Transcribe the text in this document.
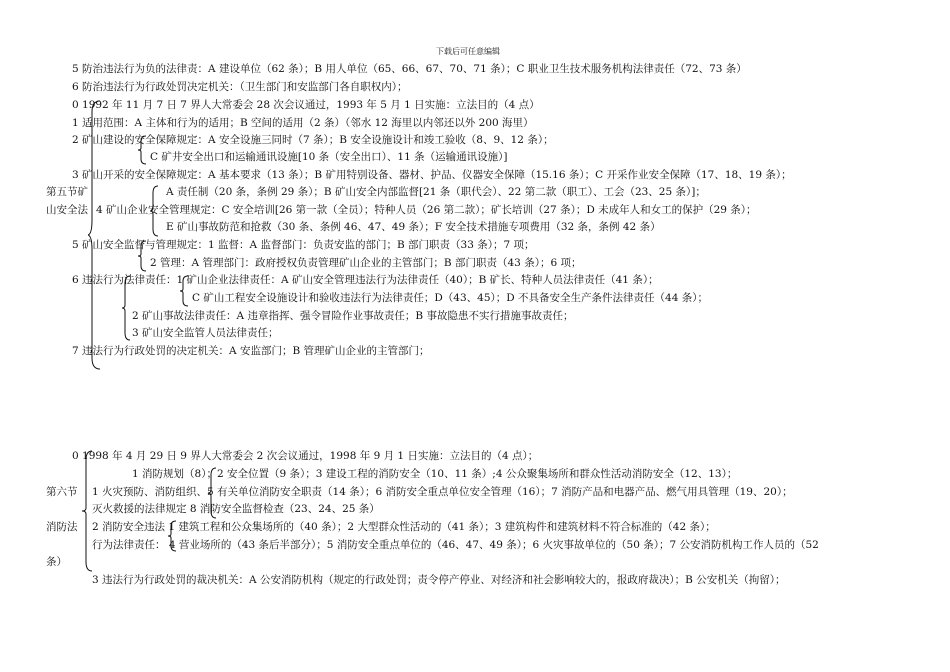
下载后可任意编辑
5 防治违法行为负的法律责：A 建设单位（62 条）；B 用人单位（65、66、67、70、71 条）；C 职业卫生技术服务机构法律责任（72、73 条）
6 防治违法行为行政处罚决定机关：（卫生部门和安监部门各自职权内）；
0 1992 年 11 月 7 日 7 界人大常委会 28 次会议通过，1993 年 5 月 1 日实施：立法目的（4 点）
1 适用范围：A 主体和行为的适用；B 空间的适用（2 条）（邻水 12 海里以内邻还以外 200 海里）
2 矿山建设的安全保障规定：A 安全设施三同时（7 条）；B 安全设施设计和竣工验收（8、9、12 条）；
C 矿井安全出口和运输通讯设施[10 条（安全出口）、11 条（运输通讯设施）]
3 矿山开采的安全保障规定：A 基本要求（13 条）；B 矿用特别设备、器材、护品、仪器安全保障（15.16 条）；C 开采作业安全保障（17、18、19 条）；
第五节矿	A 责任制（20 条，条例 29 条）；B 矿山安全内部监督[21 条（职代会）、22 第二款（职工）、工会（23、25 条）]；
山安全法 4 矿山企业安全管理规定：C 安全培训[26 第一款（全员）；特种人员（26 第二款）；矿长培训（27 条）；D 未成年人和女工的保护（29 条）；
E 矿山事故防范和抢救（30 条、条例 46、47、49 条）；F 安全技术措施专项费用（32 条，条例 42 条）
5 矿山安全监督与管理规定：1 监督：A 监督部门：负责安监的部门；B 部门职责（33 条）；7 项；
2 管理：A 管理部门：政府授权负责管理矿山企业的主管部门；B 部门职责（43 条）；6 项；
6 违法行为法律责任：1 矿山企业法律责任：A 矿山安全管理违法行为法律责任（40）；B 矿长、特种人员法律责任（41 条）；
C 矿山工程安全设施设计和验收违法行为法律责任；D（43、45）；D 不具备安全生产条件法律责任（44 条）；
2 矿山事故法律责任：A 违章指挥、强令冒险作业事故责任；B 事故隐患不实行措施事故责任；
3 矿山安全监管人员法律责任；
7 违法行为行政处罚的决定机关：A 安监部门；B 管理矿山企业的主管部门；
0 1998 年 4 月 29 日 9 界人大常委会 2 次会议通过，1998 年 9 月 1 日实施：立法目的（4 点）；
1 消防规划（8）；2 安全位置（9 条）；3 建设工程的消防安全（10、11 条）;4 公众聚集场所和群众性活动消防安全（12、13）；
第六节 1 火灾预防、消防组织、5 有关单位消防安全职责（14 条）；6 消防安全重点单位安全管理（16）；7 消防产品和电器产品、燃气用具管理（19、20）；
灭火救援的法律规定 8 消防安全监督检查（23、24、25 条）
消防法 2 消防安全违法 1 建筑工程和公众集场所的（40 条）；2 大型群众性活动的（41 条）；3 建筑构件和建筑材料不符合标准的（42 条）；
行为法律责任： 4 营业场所的（43 条后半部分）；5 消防安全重点单位的（46、47、49 条）；6 火灾事故单位的（50 条）；7 公安消防机构工作人员的（52
条）
3 违法行为行政处罚的裁决机关：A 公安消防机构（规定的行政处罚；责令停产停业、对经济和社会影响较大的，报政府裁决）；B 公安机关（拘留）；
